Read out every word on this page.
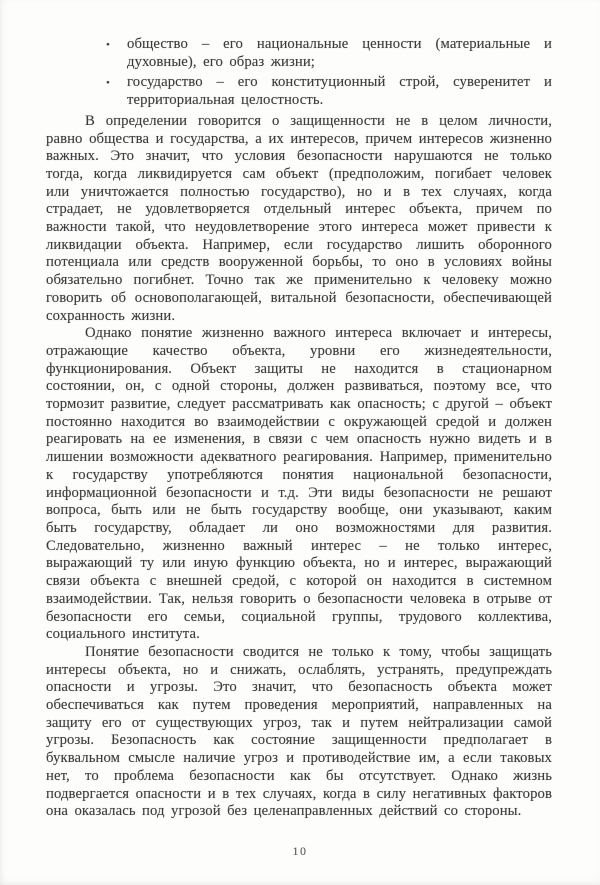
• общество – его национальные ценности (материальные и духовные), его образ жизни;
• государство – его конституционный строй, суверенитет и территориальная целостность.

В определении говорится о защищенности не в целом личности, равно общества и государства, а их интересов, причем интересов жизненно важных. Это значит, что условия безопасности нарушаются не только тогда, когда ликвидируется сам объект (предположим, погибает человек или уничтожается полностью государство), но и в тех случаях, когда страдает, не удовлетворяется отдельный интерес объекта, причем по важности такой, что неудовлетворение этого интереса может привести к ликвидации объекта. Например, если государство лишить оборонного потенциала или средств вооруженной борьбы, то оно в условиях войны обязательно погибнет. Точно так же применительно к человеку можно говорить об основополагающей, витальной безопасности, обеспечивающей сохранность жизни.

Однако понятие жизненно важного интереса включает и интересы, отражающие качество объекта, уровни его жизнедеятельности, функционирования. Объект защиты не находится в стационарном состоянии, он, с одной стороны, должен развиваться, поэтому все, что тормозит развитие, следует рассматривать как опасность; с другой – объект постоянно находится во взаимодействии с окружающей средой и должен реагировать на ее изменения, в связи с чем опасность нужно видеть и в лишении возможности адекватного реагирования. Например, применительно к государству употребляются понятия национальной безопасности, информационной безопасности и т.д. Эти виды безопасности не решают вопроса, быть или не быть государству вообще, они указывают, каким быть государству, обладает ли оно возможностями для развития. Следовательно, жизненно важный интерес – не только интерес, выражающий ту или иную функцию объекта, но и интерес, выражающий связи объекта с внешней средой, с которой он находится в системном взаимодействии. Так, нельзя говорить о безопасности человека в отрыве от безопасности его семьи, социальной группы, трудового коллектива, социального института.

Понятие безопасности сводится не только к тому, чтобы защищать интересы объекта, но и снижать, ослаблять, устранять, предупреждать опасности и угрозы. Это значит, что безопасность объекта может обеспечиваться как путем проведения мероприятий, направленных на защиту его от существующих угроз, так и путем нейтрализации самой угрозы. Безопасность как состояние защищенности предполагает в буквальном смысле наличие угроз и противодействие им, а если таковых нет, то проблема безопасности как бы отсутствует. Однако жизнь подвергается опасности и в тех случаях, когда в силу негативных факторов она оказалась под угрозой без целенаправленных действий со стороны.

10
